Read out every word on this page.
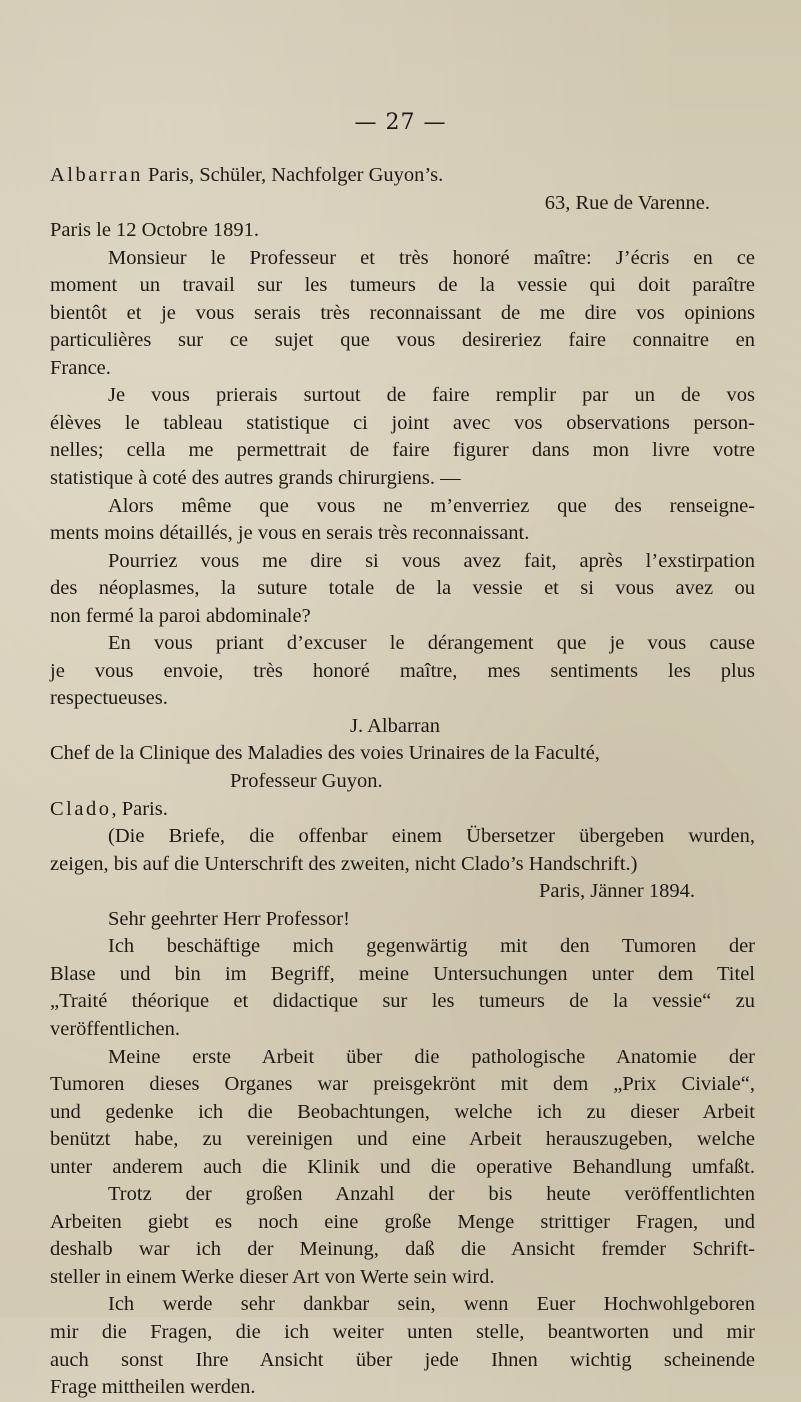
— 27 —
Albarran Paris, Schüler, Nachfolger Guyon’s.
63, Rue de Varenne.
Paris le 12 Octobre 1891.
Monsieur le Professeur et très honoré maître: J’écris en ce
moment un travail sur les tumeurs de la vessie qui doit paraître
bientôt et je vous serais très reconnaissant de me dire vos opinions
particulières sur ce sujet que vous desireriez faire connaitre en
France.
Je vous prierais surtout de faire remplir par un de vos
élèves le tableau statistique ci joint avec vos observations person-
nelles; cella me permettrait de faire figurer dans mon livre votre
statistique à coté des autres grands chirurgiens. —
Alors même que vous ne m’enverriez que des renseigne-
ments moins détaillés, je vous en serais très reconnaissant.
Pourriez vous me dire si vous avez fait, après l’exstirpation
des néoplasmes, la suture totale de la vessie et si vous avez ou
non fermé la paroi abdominale?
En vous priant d’excuser le dérangement que je vous cause
je vous envoie, très honoré maître, mes sentiments les plus
respectueuses.
J. Albarran
Chef de la Clinique des Maladies des voies Urinaires de la Faculté,
Professeur Guyon.
Clado, Paris.
(Die Briefe, die offenbar einem Übersetzer übergeben wurden,
zeigen, bis auf die Unterschrift des zweiten, nicht Clado’s Handschrift.)
Paris, Jänner 1894.
Sehr geehrter Herr Professor!
Ich beschäftige mich gegenwärtig mit den Tumoren der
Blase und bin im Begriff, meine Untersuchungen unter dem Titel
„Traité théorique et didactique sur les tumeurs de la vessie“ zu
veröffentlichen.
Meine erste Arbeit über die pathologische Anatomie der
Tumoren dieses Organes war preisgekrönt mit dem „Prix Civiale“,
und gedenke ich die Beobachtungen, welche ich zu dieser Arbeit
benützt habe, zu vereinigen und eine Arbeit herauszugeben, welche
unter anderem auch die Klinik und die operative Behandlung umfaßt.
Trotz der großen Anzahl der bis heute veröffentlichten
Arbeiten giebt es noch eine große Menge strittiger Fragen, und
deshalb war ich der Meinung, daß die Ansicht fremder Schrift-
steller in einem Werke dieser Art von Werte sein wird.
Ich werde sehr dankbar sein, wenn Euer Hochwohlgeboren
mir die Fragen, die ich weiter unten stelle, beantworten und mir
auch sonst Ihre Ansicht über jede Ihnen wichtig scheinende
Frage mittheilen werden.
